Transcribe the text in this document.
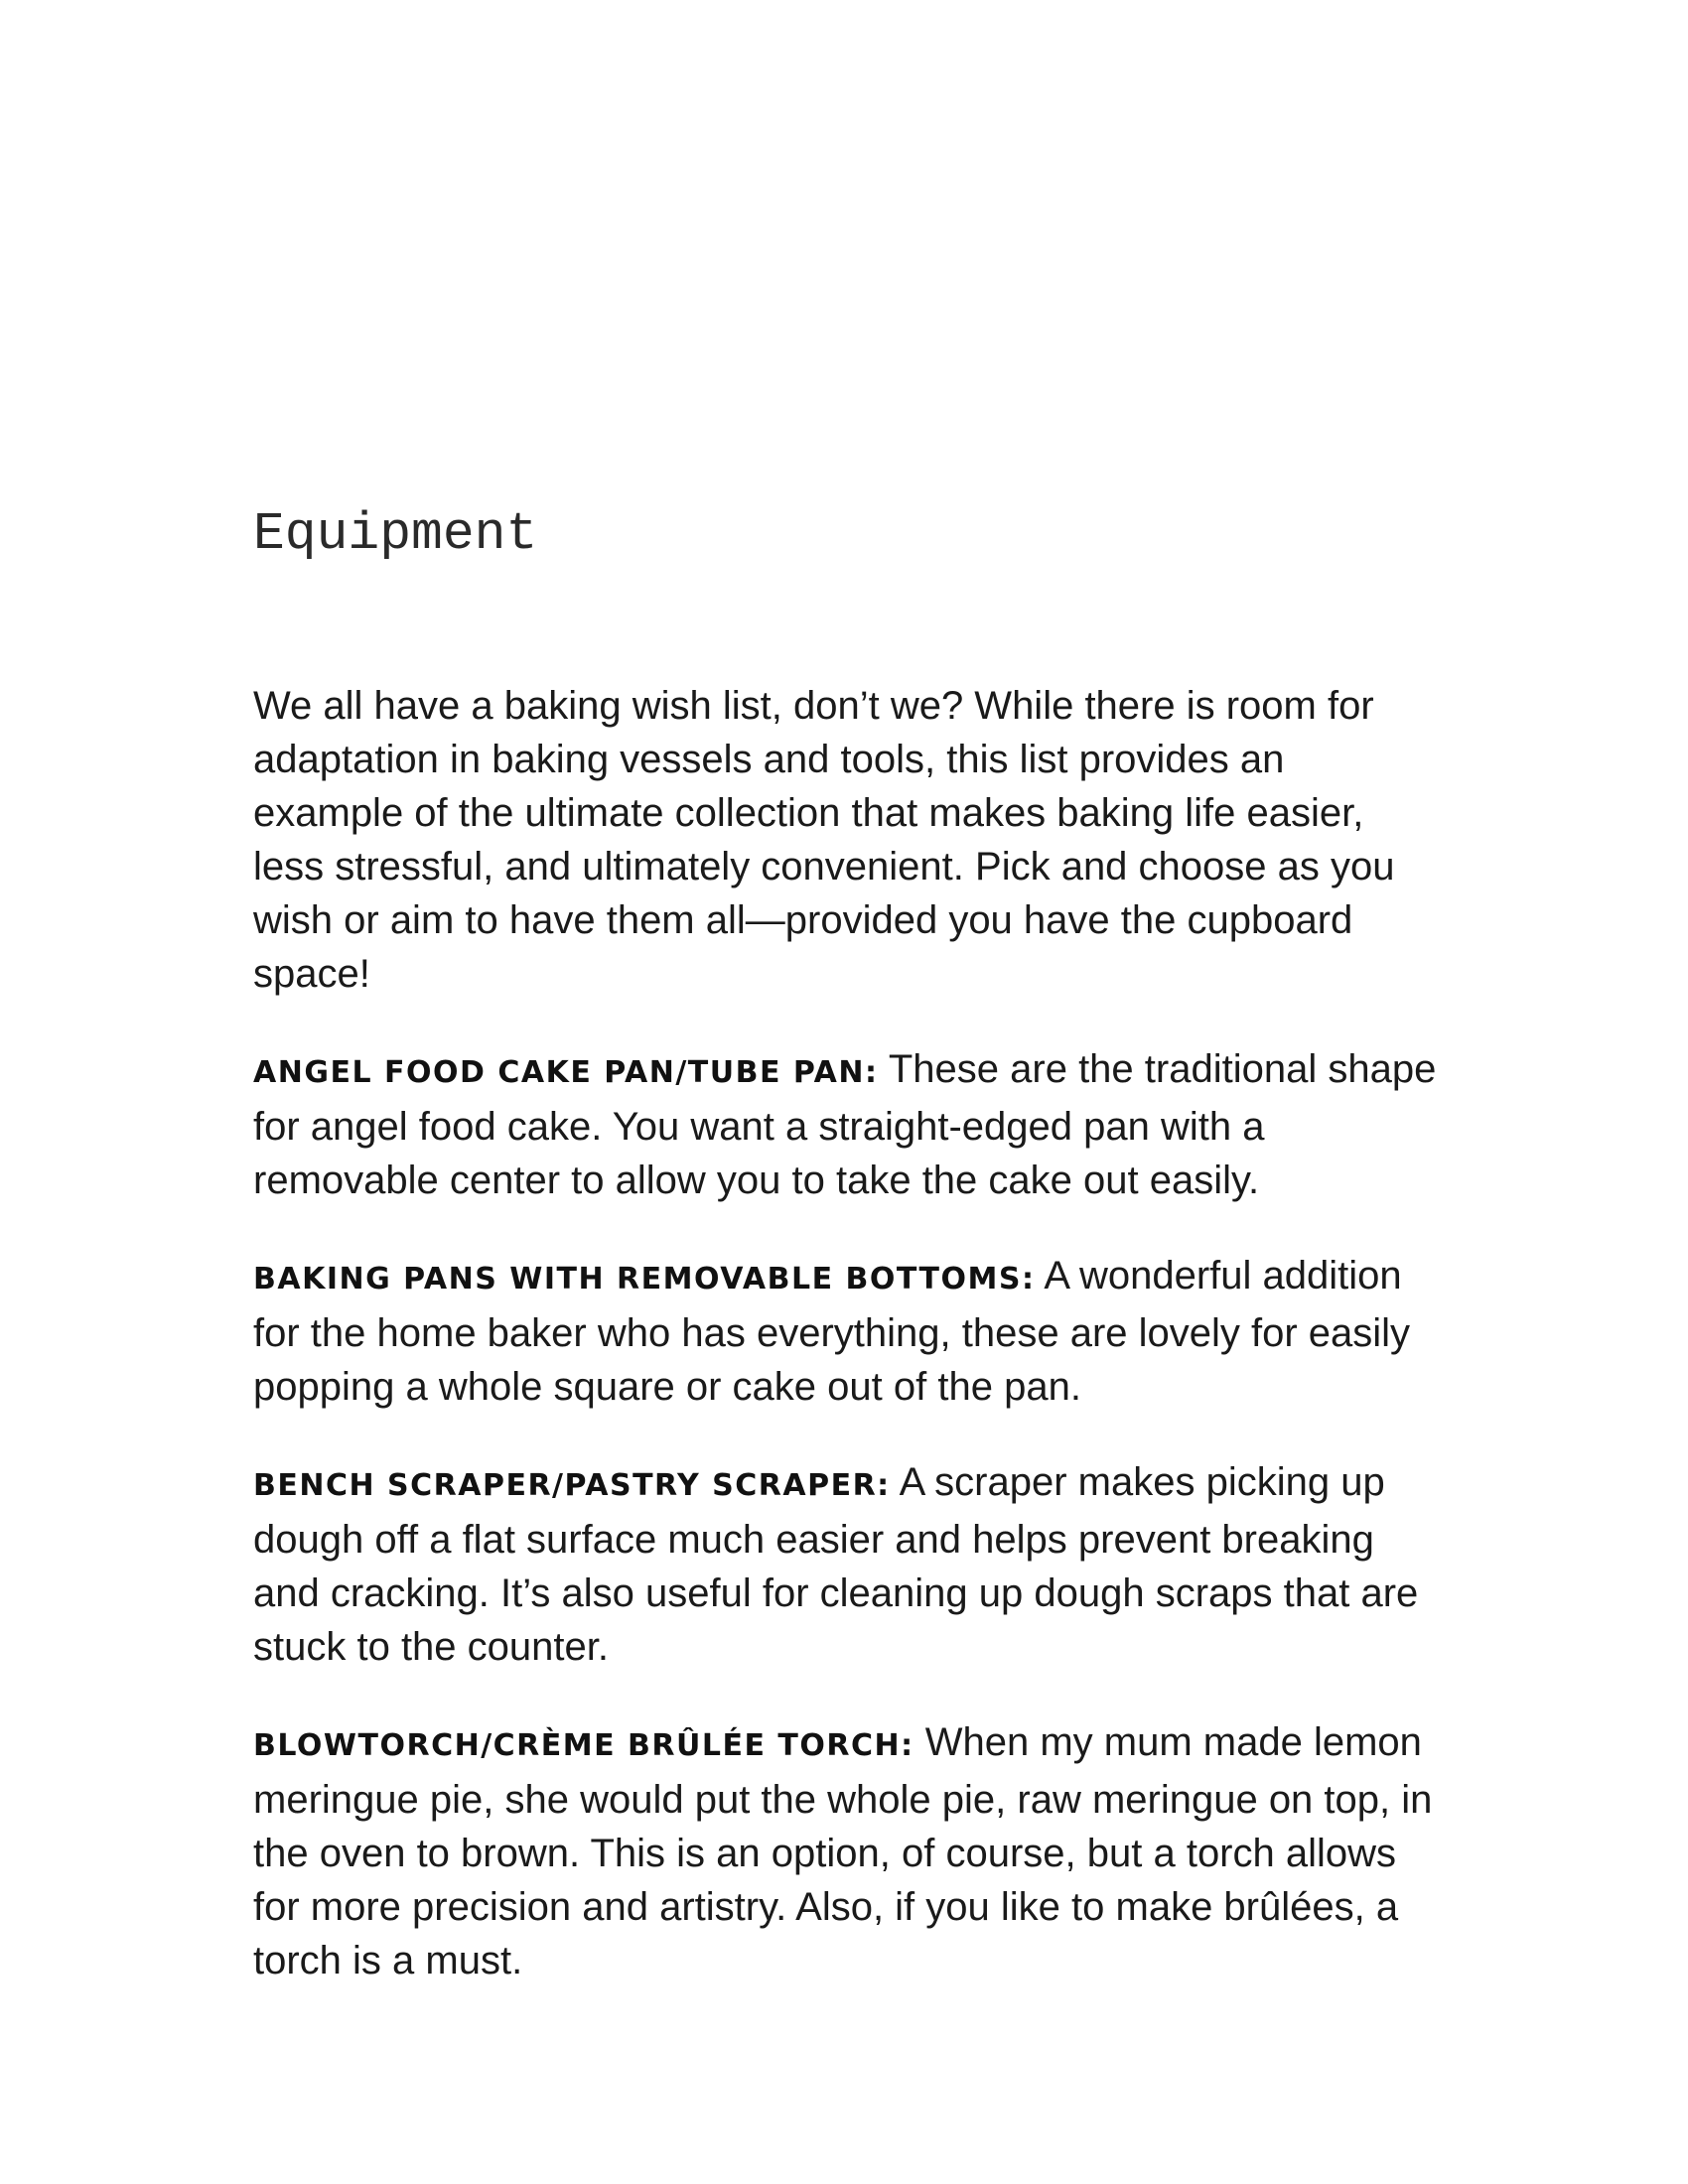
Equipment

We all have a baking wish list, don’t we? While there is room for adaptation in baking vessels and tools, this list provides an example of the ultimate collection that makes baking life easier, less stressful, and ultimately convenient. Pick and choose as you wish or aim to have them all—provided you have the cupboard space!

ANGEL FOOD CAKE PAN/TUBE PAN: These are the traditional shape for angel food cake. You want a straight-edged pan with a removable center to allow you to take the cake out easily.

BAKING PANS WITH REMOVABLE BOTTOMS: A wonderful addition for the home baker who has everything, these are lovely for easily popping a whole square or cake out of the pan.

BENCH SCRAPER/PASTRY SCRAPER: A scraper makes picking up dough off a flat surface much easier and helps prevent breaking and cracking. It’s also useful for cleaning up dough scraps that are stuck to the counter.

BLOWTORCH/CRÈME BRÛLÉE TORCH: When my mum made lemon meringue pie, she would put the whole pie, raw meringue on top, in the oven to brown. This is an option, of course, but a torch allows for more precision and artistry. Also, if you like to make brûlées, a torch is a must.
